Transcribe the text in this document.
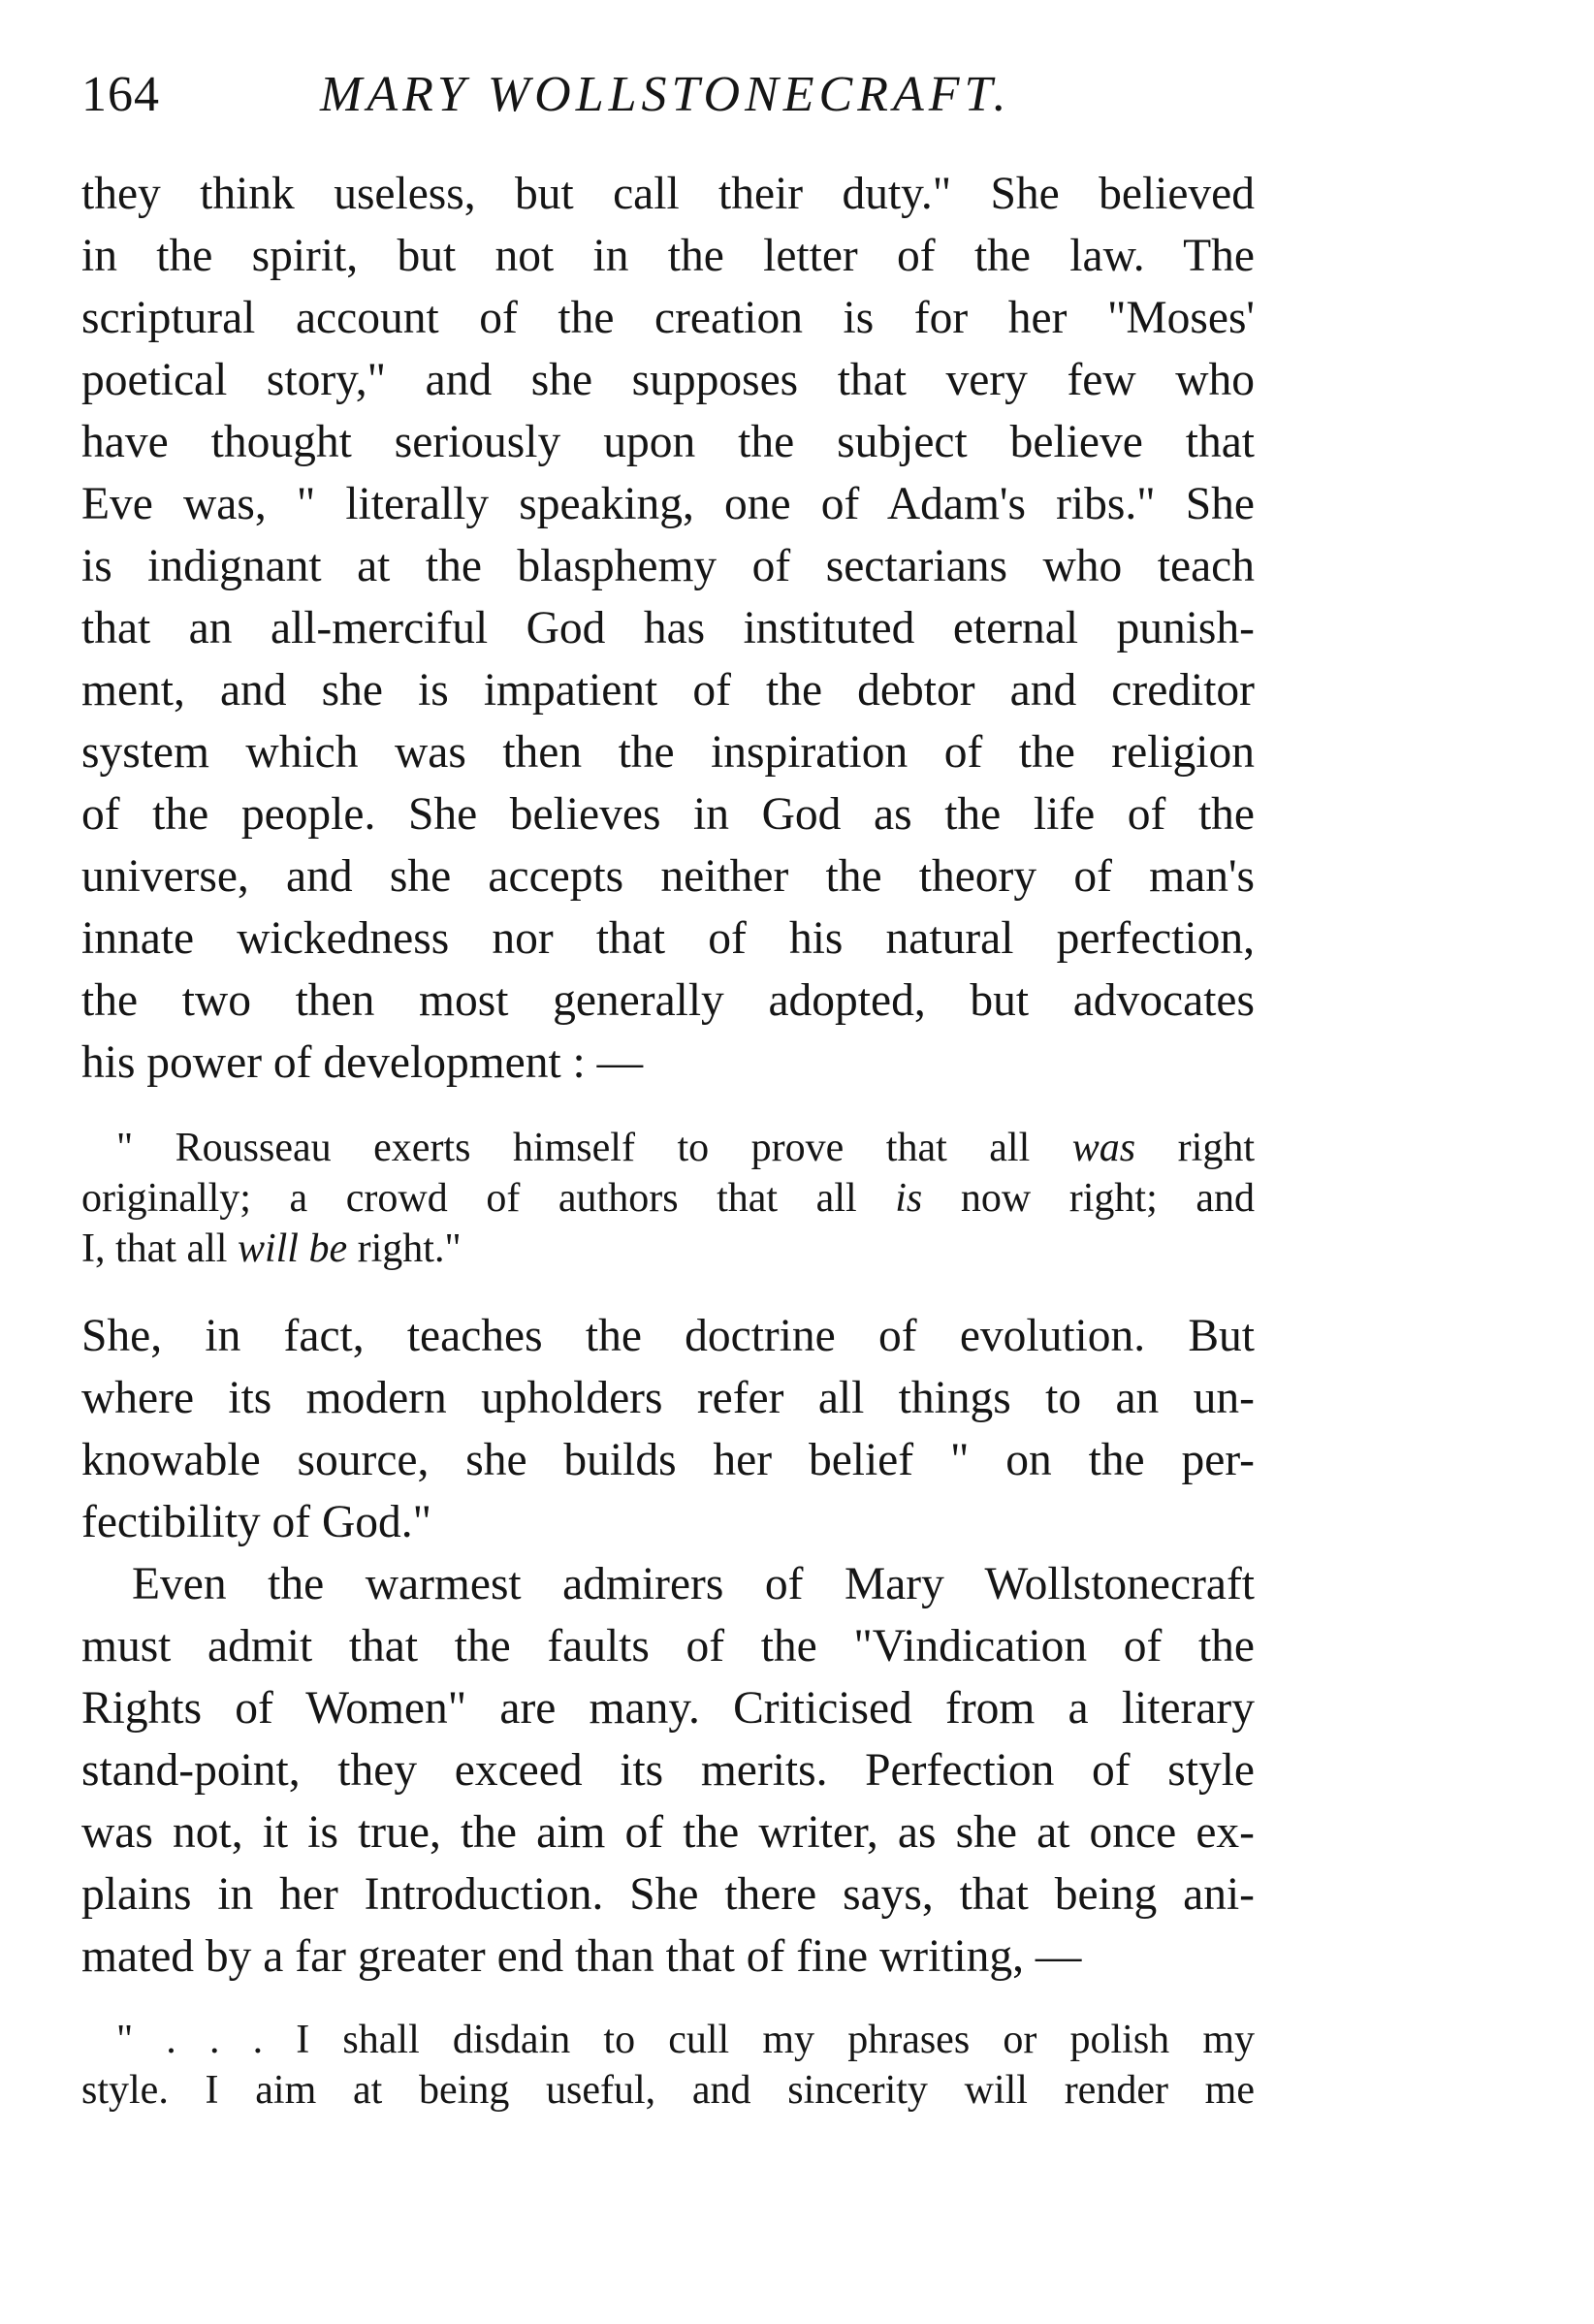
164	MARY WOLLSTONECRAFT.
they think useless, but call their duty." She believed
in the spirit, but not in the letter of the law. The
scriptural account of the creation is for her "Moses'
poetical story," and she supposes that very few who
have thought seriously upon the subject believe that
Eve was, " literally speaking, one of Adam's ribs." She
is indignant at the blasphemy of sectarians who teach
that an all-merciful God has instituted eternal punish-
ment, and she is impatient of the debtor and creditor
system which was then the inspiration of the religion
of the people. She believes in God as the life of the
universe, and she accepts neither the theory of man's
innate wickedness nor that of his natural perfection,
the two then most generally adopted, but advocates
his power of development : —
" Rousseau exerts himself to prove that all was right
originally; a crowd of authors that all is now right; and
I, that all will be right."
She, in fact, teaches the doctrine of evolution. But
where its modern upholders refer all things to an un-
knowable source, she builds her belief " on the per-
fectibility of God."
Even the warmest admirers of Mary Wollstonecraft
must admit that the faults of the "Vindication of the
Rights of Women" are many. Criticised from a literary
stand-point, they exceed its merits. Perfection of style
was not, it is true, the aim of the writer, as she at once ex-
plains in her Introduction. She there says, that being ani-
mated by a far greater end than that of fine writing, —
" . . . I shall disdain to cull my phrases or polish my
style. I aim at being useful, and sincerity will render me
